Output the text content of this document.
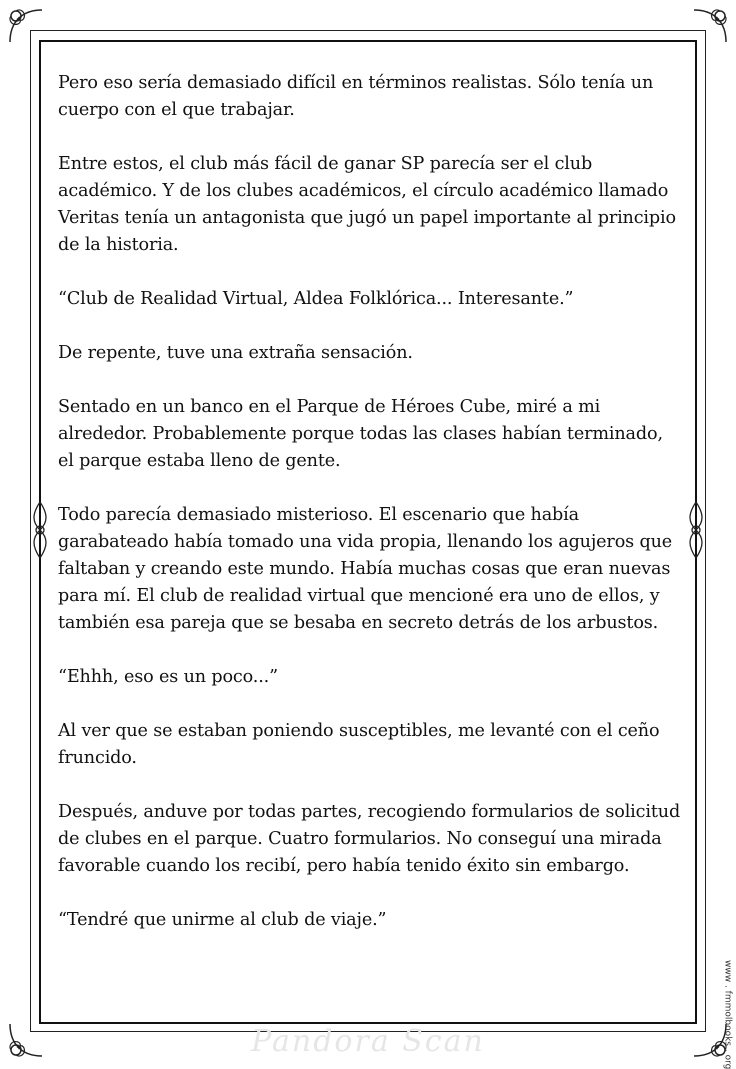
Pero eso sería demasiado difícil en términos realistas. Sólo tenía un cuerpo con el que trabajar.

Entre estos, el club más fácil de ganar SP parecía ser el club académico. Y de los clubes académicos, el círculo académico llamado Veritas tenía un antagonista que jugó un papel importante al principio de la historia.

“Club de Realidad Virtual, Aldea Folklórica... Interesante.”

De repente, tuve una extraña sensación.

Sentado en un banco en el Parque de Héroes Cube, miré a mi alrededor. Probablemente porque todas las clases habían terminado, el parque estaba lleno de gente.

Todo parecía demasiado misterioso. El escenario que había garabateado había tomado una vida propia, llenando los agujeros que faltaban y creando este mundo. Había muchas cosas que eran nuevas para mí. El club de realidad virtual que mencioné era uno de ellos, y también esa pareja que se besaba en secreto detrás de los arbustos.

“Ehhh, eso es un poco...”

Al ver que se estaban poniendo susceptibles, me levanté con el ceño fruncido.

Después, anduve por todas partes, recogiendo formularios de solicitud de clubes en el parque. Cuatro formularios. No conseguí una mirada favorable cuando los recibí, pero había tenido éxito sin embargo.

“Tendré que unirme al club de viaje.”

www . fmmolbooks . org
Pandora Scan
